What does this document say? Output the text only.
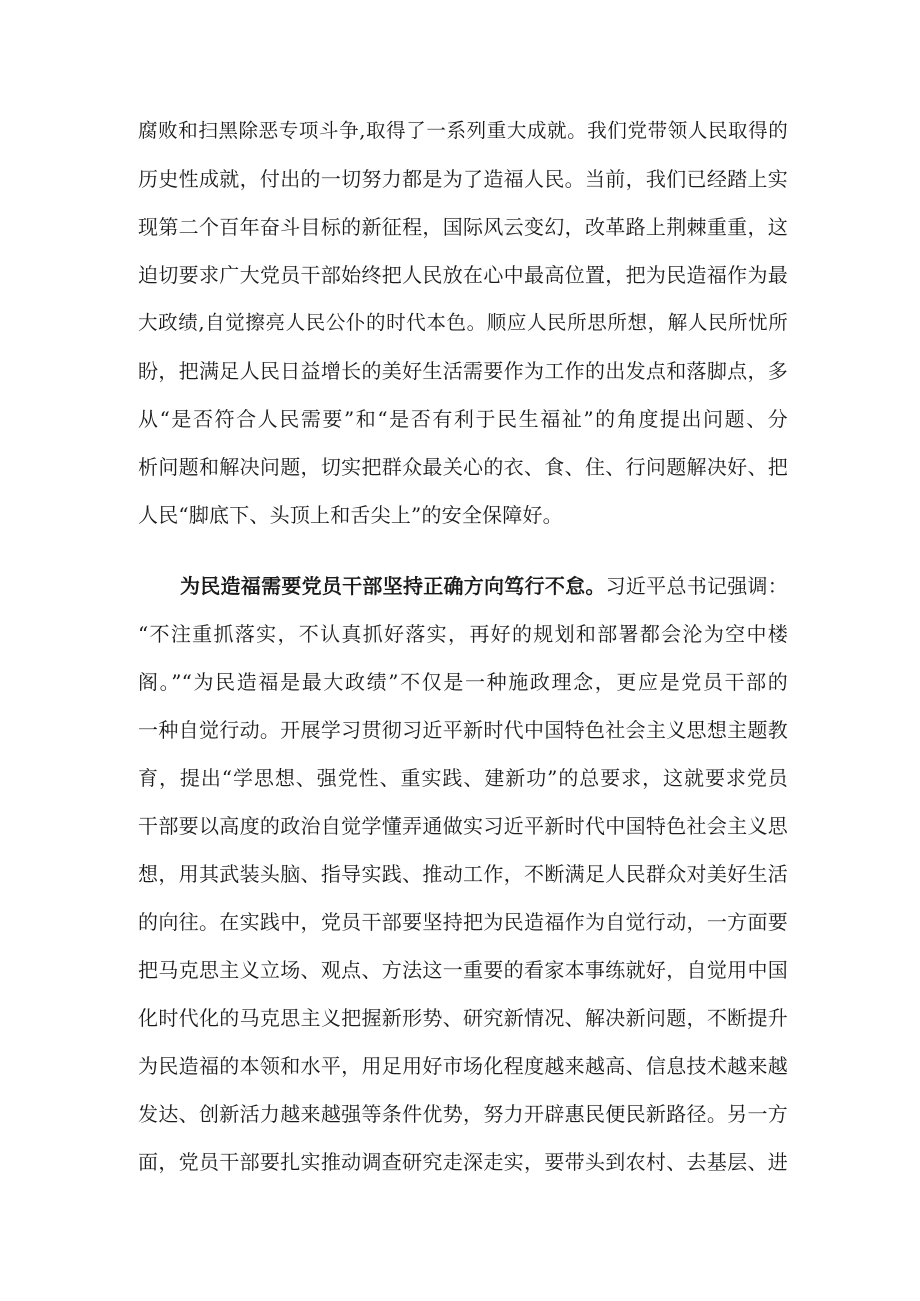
腐败和扫黑除恶专项斗争,取得了一系列重大成就。我们党带领人民取得的
历史性成就，付出的一切努力都是为了造福人民。当前，我们已经踏上实
现第二个百年奋斗目标的新征程，国际风云变幻，改革路上荆棘重重，这
迫切要求广大党员干部始终把人民放在心中最高位置，把为民造福作为最
大政绩,自觉擦亮人民公仆的时代本色。顺应人民所思所想，解人民所忧所
盼，把满足人民日益增长的美好生活需要作为工作的出发点和落脚点，多
从“是否符合人民需要”和“是否有利于民生福祉”的角度提出问题、分
析问题和解决问题，切实把群众最关心的衣、食、住、行问题解决好、把
人民“脚底下、头顶上和舌尖上”的安全保障好。
为民造福需要党员干部坚持正确方向笃行不怠。习近平总书记强调：
“不注重抓落实，不认真抓好落实，再好的规划和部署都会沦为空中楼
阁。”“为民造福是最大政绩”不仅是一种施政理念，更应是党员干部的
一种自觉行动。开展学习贯彻习近平新时代中国特色社会主义思想主题教
育，提出“学思想、强党性、重实践、建新功”的总要求，这就要求党员
干部要以高度的政治自觉学懂弄通做实习近平新时代中国特色社会主义思
想，用其武装头脑、指导实践、推动工作，不断满足人民群众对美好生活
的向往。在实践中，党员干部要坚持把为民造福作为自觉行动，一方面要
把马克思主义立场、观点、方法这一重要的看家本事练就好，自觉用中国
化时代化的马克思主义把握新形势、研究新情况、解决新问题，不断提升
为民造福的本领和水平，用足用好市场化程度越来越高、信息技术越来越
发达、创新活力越来越强等条件优势，努力开辟惠民便民新路径。另一方
面，党员干部要扎实推动调查研究走深走实，要带头到农村、去基层、进
